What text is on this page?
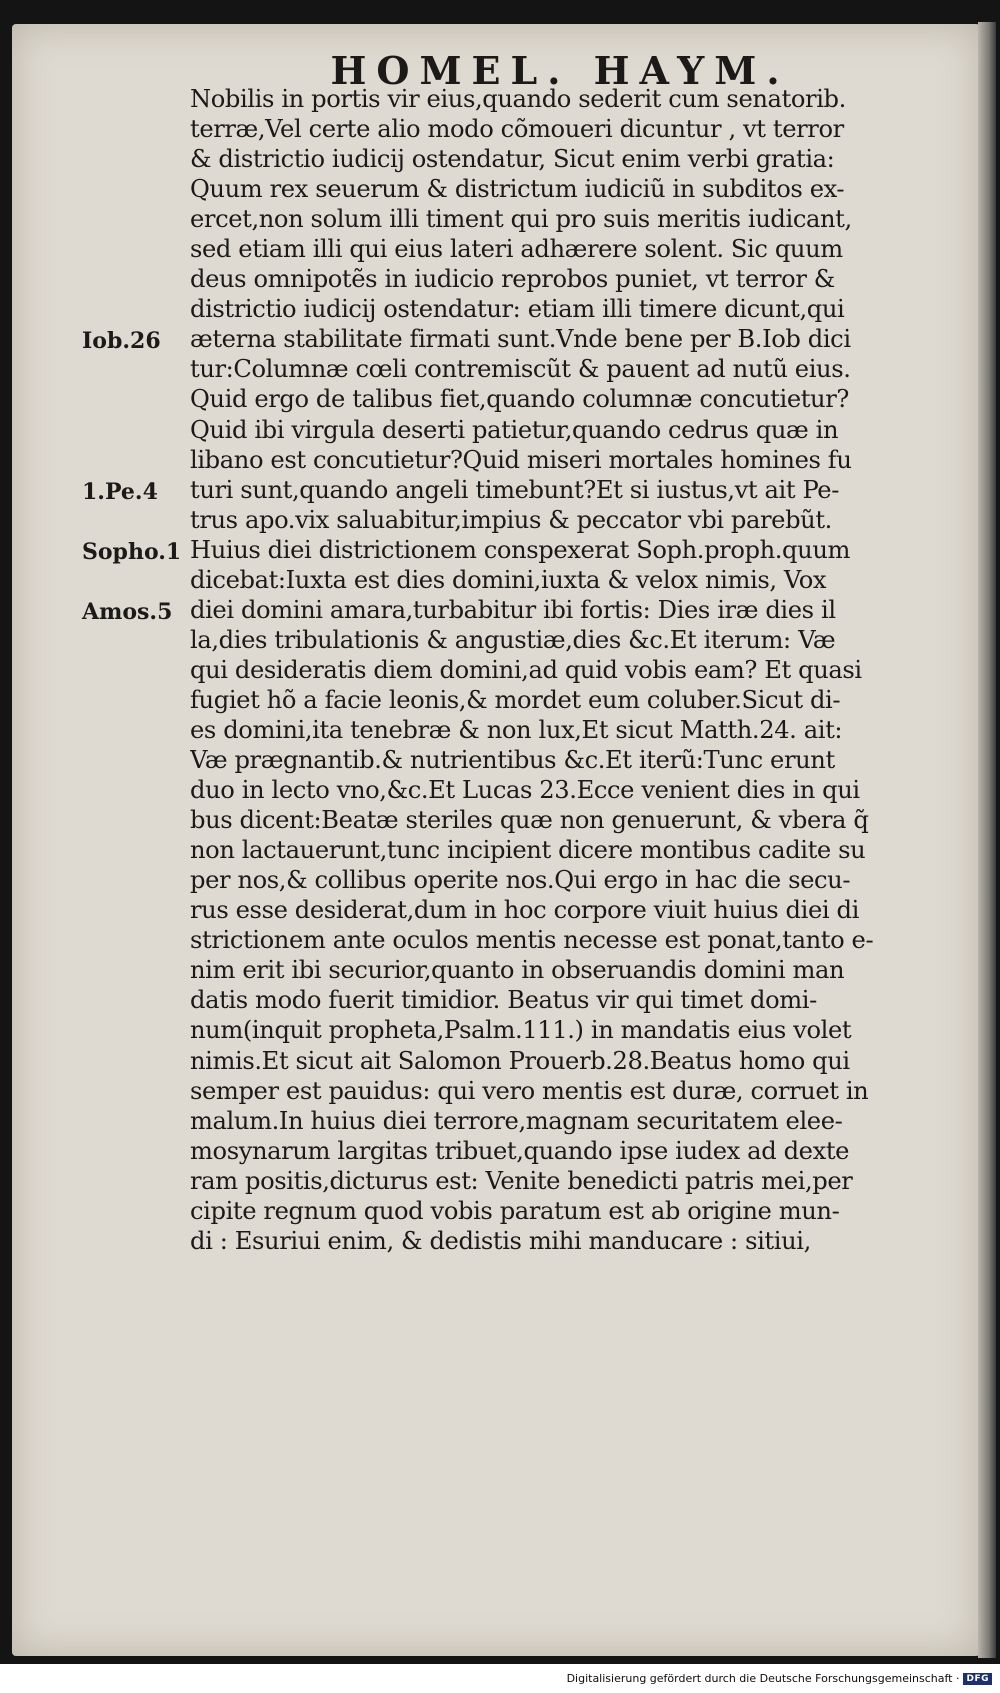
HOMEL. HAYM.
Nobilis in portis vir eius,quando sederit cum senatorib.
terræ,Vel certe alio modo cõmoueri dicuntur , vt terror
& districtio iudicij ostendatur, Sicut enim verbi gratia:
Quum rex seuerum & districtum iudiciũ in subditos ex-
ercet,non solum illi timent qui pro suis meritis iudicant,
sed etiam illi qui eius lateri adhærere solent. Sic quum
deus omnipotẽs in iudicio reprobos puniet, vt terror &
districtio iudicij ostendatur: etiam illi timere dicunt,qui
æterna stabilitate firmati sunt.Vnde bene per B.Iob dici
tur:Columnæ cœli contremiscũt & pauent ad nutũ eius.
Quid ergo de talibus fiet,quando columnæ concutietur?
Quid ibi virgula deserti patietur,quando cedrus quæ in
libano est concutietur?Quid miseri mortales homines fu
turi sunt,quando angeli timebunt?Et si iustus,vt ait Pe-
trus apo.vix saluabitur,impius & peccator vbi parebũt.
Huius diei districtionem conspexerat Soph.proph.quum
dicebat:Iuxta est dies domini,iuxta & velox nimis, Vox
diei domini amara,turbabitur ibi fortis: Dies iræ dies il
la,dies tribulationis & angustiæ,dies &c.Et iterum: Væ
qui desideratis diem domini,ad quid vobis eam? Et quasi
fugiet hõ a facie leonis,& mordet eum coluber.Sicut di-
es domini,ita tenebræ & non lux,Et sicut Matth.24. ait:
Væ prægnantib.& nutrientibus &c.Et iterũ:Tunc erunt
duo in lecto vno,&c.Et Lucas 23.Ecce venient dies in qui
bus dicent:Beatæ steriles quæ non genuerunt, & vbera q̃
non lactauerunt,tunc incipient dicere montibus cadite su
per nos,& collibus operite nos.Qui ergo in hac die secu-
rus esse desiderat,dum in hoc corpore viuit huius diei di
strictionem ante oculos mentis necesse est ponat,tanto e-
nim erit ibi securior,quanto in obseruandis domini man
datis modo fuerit timidior. Beatus vir qui timet domi-
num(inquit propheta,Psalm.111.) in mandatis eius volet
nimis.Et sicut ait Salomon Prouerb.28.Beatus homo qui
semper est pauidus: qui vero mentis est duræ, corruet in
malum.In huius diei terrore,magnam securitatem elee-
mosynarum largitas tribuet,quando ipse iudex ad dexte
ram positis,dicturus est: Venite benedicti patris mei,per
cipite regnum quod vobis paratum est ab origine mun-
di : Esuriui enim, & dedistis mihi manducare : sitiui,
Iob.26
1.Pe.4
Sopho.1
Amos.5
Digitalisierung gefördert durch die Deutsche Forschungsgemeinschaft · DFG
